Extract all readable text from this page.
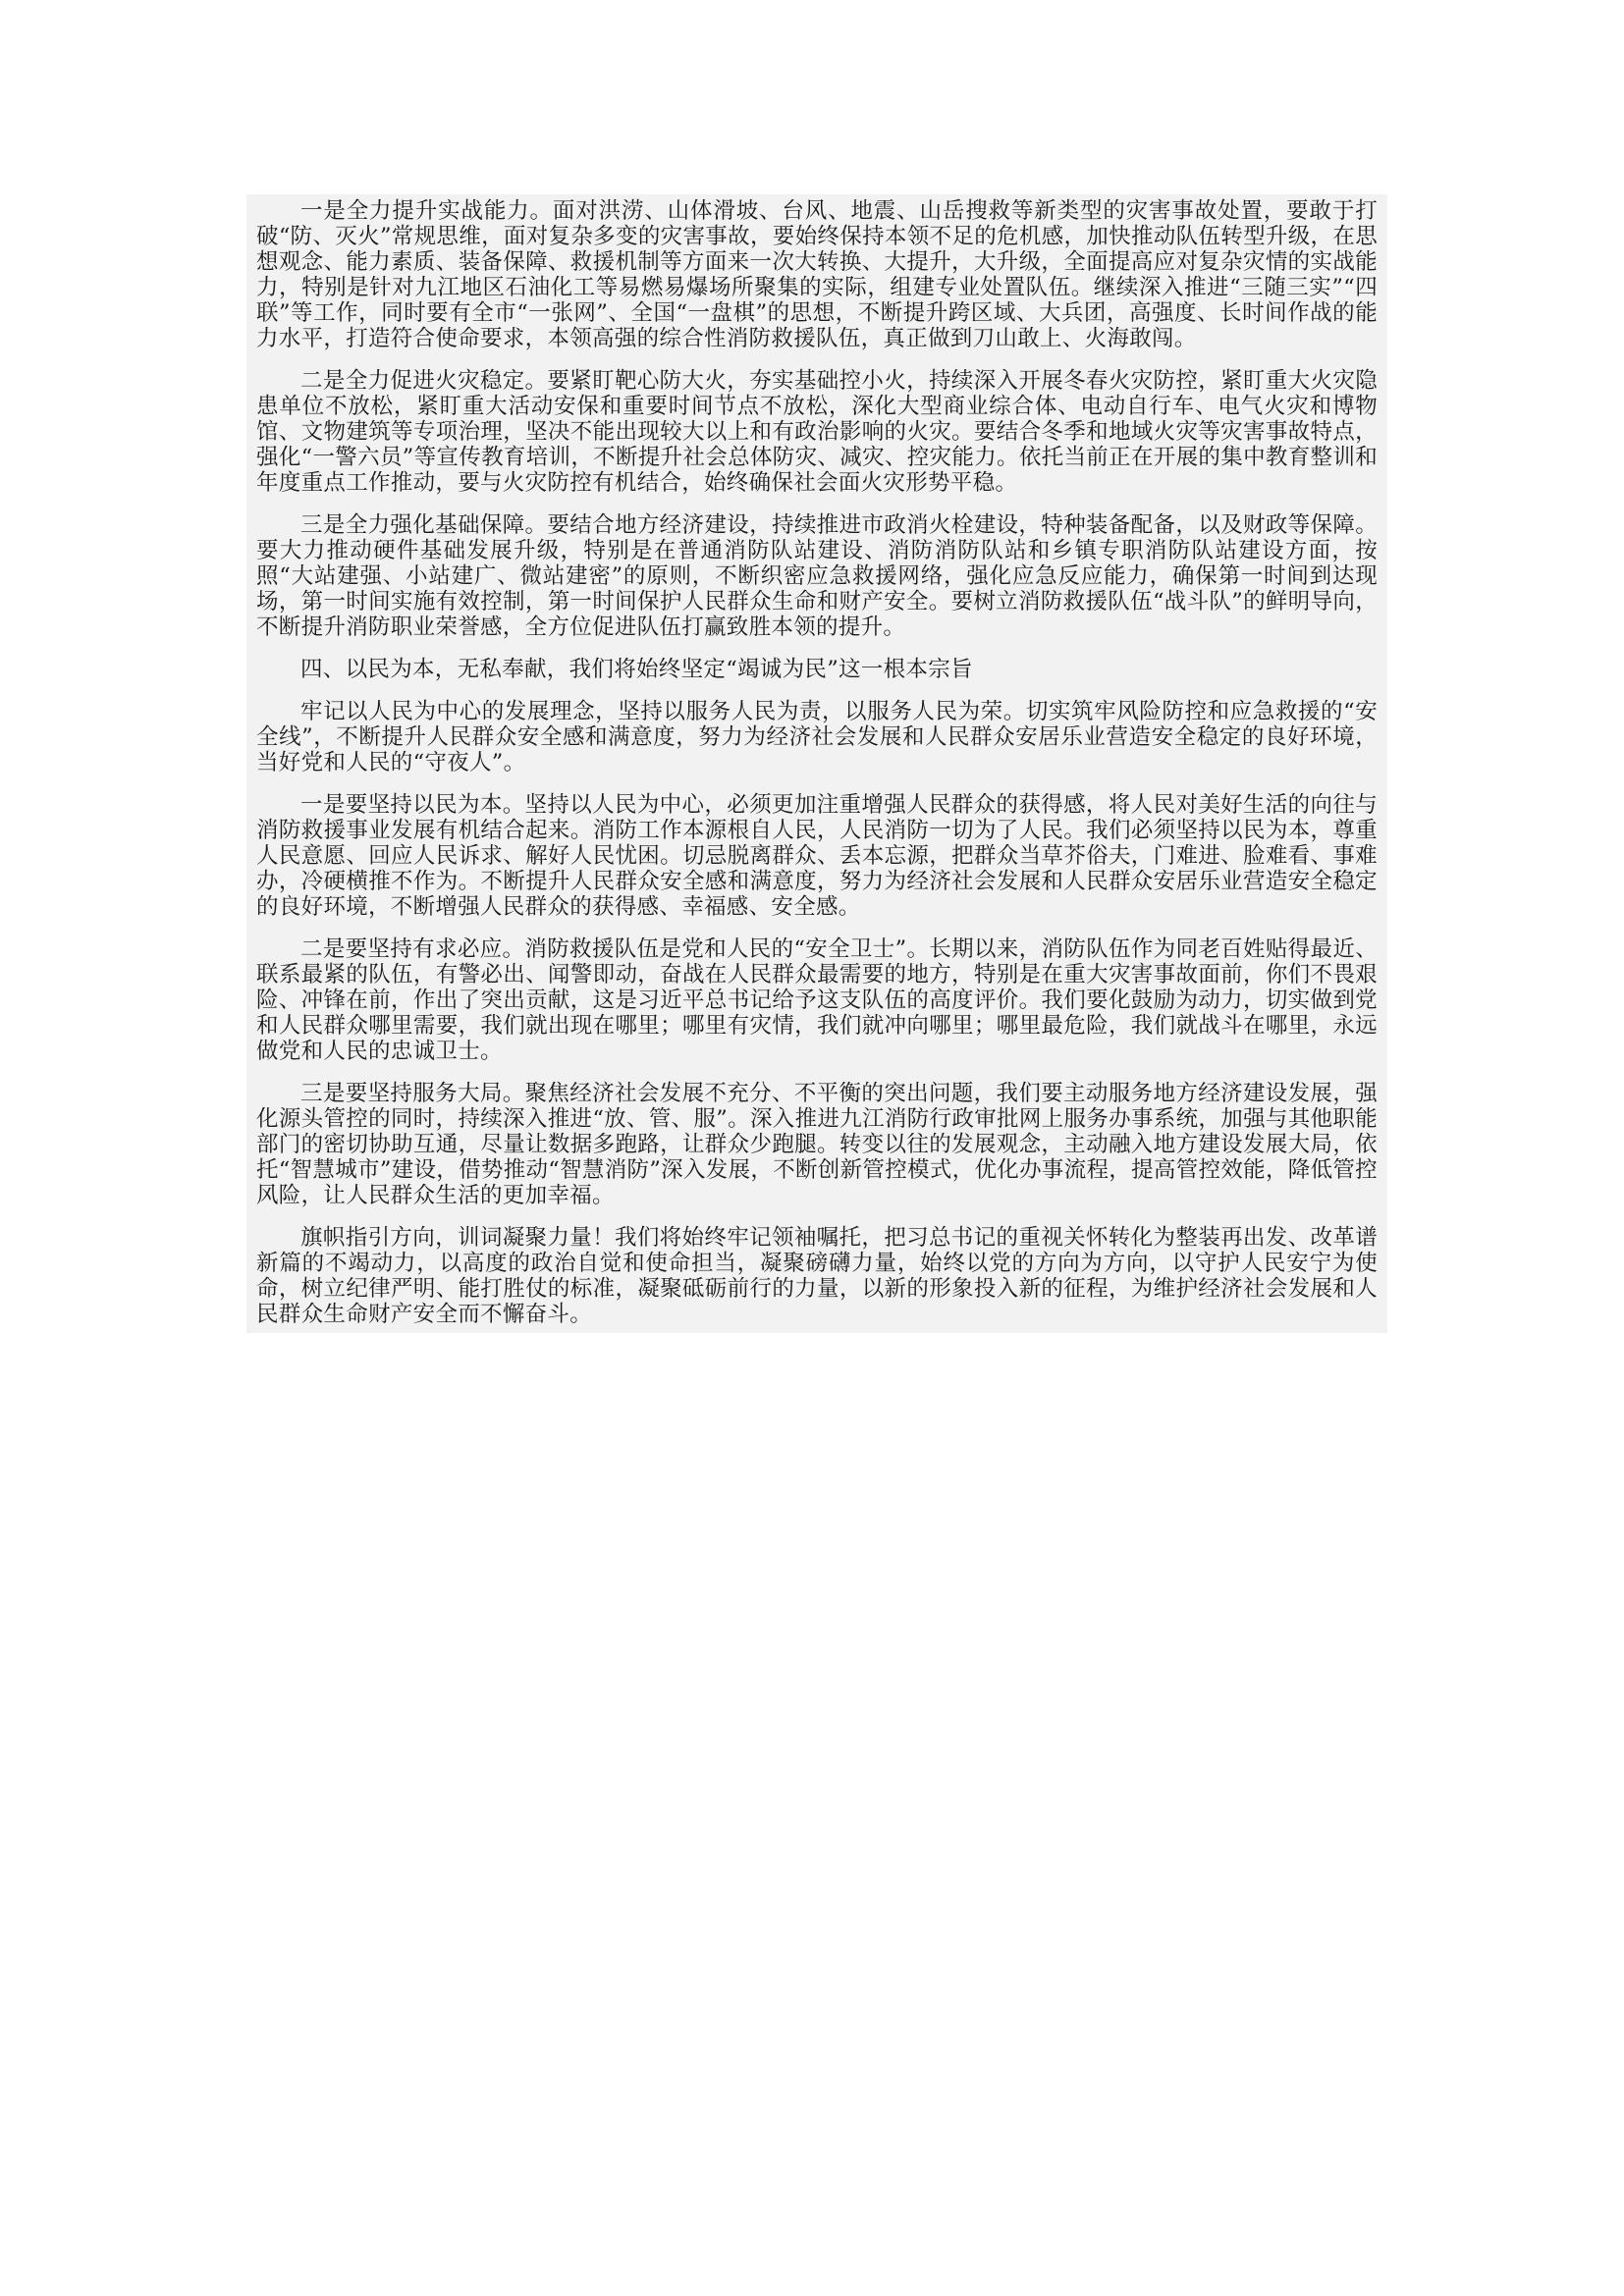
一是全力提升实战能力。面对洪涝、山体滑坡、台风、地震、山岳搜救等新类型的灾害事故处置，要敢于打破“防、灭火”常规思维，面对复杂多变的灾害事故，要始终保持本领不足的危机感，加快推动队伍转型升级，在思想观念、能力素质、装备保障、救援机制等方面来一次大转换、大提升，大升级，全面提高应对复杂灾情的实战能力，特别是针对九江地区石油化工等易燃易爆场所聚集的实际，组建专业处置队伍。继续深入推进“三随三实”“四联”等工作，同时要有全市“一张网”、全国“一盘棋”的思想，不断提升跨区域、大兵团，高强度、长时间作战的能力水平，打造符合使命要求，本领高强的综合性消防救援队伍，真正做到刀山敢上、火海敢闯。

二是全力促进火灾稳定。要紧盯靶心防大火，夯实基础控小火，持续深入开展冬春火灾防控，紧盯重大火灾隐患单位不放松，紧盯重大活动安保和重要时间节点不放松，深化大型商业综合体、电动自行车、电气火灾和博物馆、文物建筑等专项治理，坚决不能出现较大以上和有政治影响的火灾。要结合冬季和地域火灾等灾害事故特点，强化“一警六员”等宣传教育培训，不断提升社会总体防灾、减灾、控灾能力。依托当前正在开展的集中教育整训和年度重点工作推动，要与火灾防控有机结合，始终确保社会面火灾形势平稳。

三是全力强化基础保障。要结合地方经济建设，持续推进市政消火栓建设，特种装备配备，以及财政等保障。要大力推动硬件基础发展升级，特别是在普通消防队站建设、消防消防队站和乡镇专职消防队站建设方面，按照“大站建强、小站建广、微站建密”的原则，不断织密应急救援网络，强化应急反应能力，确保第一时间到达现场，第一时间实施有效控制，第一时间保护人民群众生命和财产安全。要树立消防救援队伍“战斗队”的鲜明导向，不断提升消防职业荣誉感，全方位促进队伍打赢致胜本领的提升。

四、以民为本，无私奉献，我们将始终坚定“竭诚为民”这一根本宗旨

牢记以人民为中心的发展理念，坚持以服务人民为责，以服务人民为荣。切实筑牢风险防控和应急救援的“安全线”，不断提升人民群众安全感和满意度，努力为经济社会发展和人民群众安居乐业营造安全稳定的良好环境，当好党和人民的“守夜人”。

一是要坚持以民为本。坚持以人民为中心，必须更加注重增强人民群众的获得感，将人民对美好生活的向往与消防救援事业发展有机结合起来。消防工作本源根自人民，人民消防一切为了人民。我们必须坚持以民为本，尊重人民意愿、回应人民诉求、解好人民忧困。切忌脱离群众、丢本忘源，把群众当草芥俗夫，门难进、脸难看、事难办，冷硬横推不作为。不断提升人民群众安全感和满意度，努力为经济社会发展和人民群众安居乐业营造安全稳定的良好环境，不断增强人民群众的获得感、幸福感、安全感。

二是要坚持有求必应。消防救援队伍是党和人民的“安全卫士”。长期以来，消防队伍作为同老百姓贴得最近、联系最紧的队伍，有警必出、闻警即动，奋战在人民群众最需要的地方，特别是在重大灾害事故面前，你们不畏艰险、冲锋在前，作出了突出贡献，这是习近平总书记给予这支队伍的高度评价。我们要化鼓励为动力，切实做到党和人民群众哪里需要，我们就出现在哪里；哪里有灾情，我们就冲向哪里；哪里最危险，我们就战斗在哪里，永远做党和人民的忠诚卫士。

三是要坚持服务大局。聚焦经济社会发展不充分、不平衡的突出问题，我们要主动服务地方经济建设发展，强化源头管控的同时，持续深入推进“放、管、服”。深入推进九江消防行政审批网上服务办事系统，加强与其他职能部门的密切协助互通，尽量让数据多跑路，让群众少跑腿。转变以往的发展观念，主动融入地方建设发展大局，依托“智慧城市”建设，借势推动“智慧消防”深入发展，不断创新管控模式，优化办事流程，提高管控效能，降低管控风险，让人民群众生活的更加幸福。

旗帜指引方向，训词凝聚力量！我们将始终牢记领袖嘱托，把习总书记的重视关怀转化为整装再出发、改革谱新篇的不竭动力，以高度的政治自觉和使命担当，凝聚磅礴力量，始终以党的方向为方向，以守护人民安宁为使命，树立纪律严明、能打胜仗的标准，凝聚砥砺前行的力量，以新的形象投入新的征程，为维护经济社会发展和人民群众生命财产安全而不懈奋斗。
